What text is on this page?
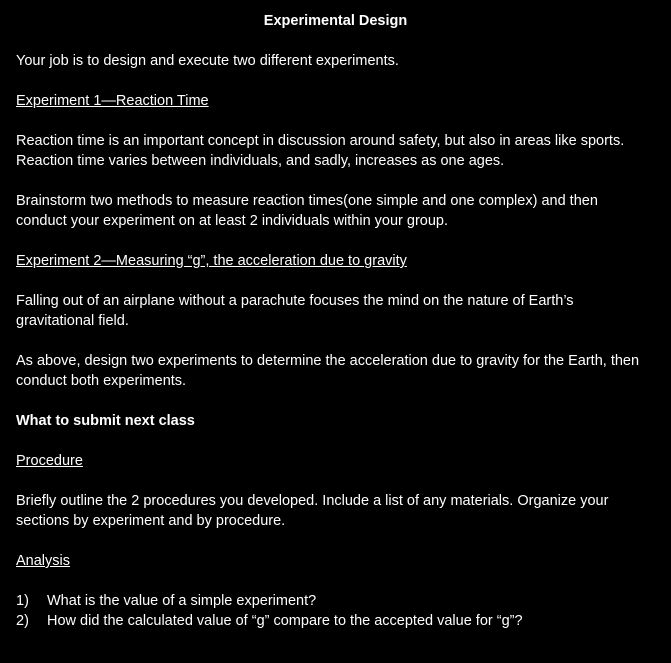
Experimental Design

Your job is to design and execute two different experiments.

Experiment 1—Reaction Time

Reaction time is an important concept in discussion around safety, but also in areas like sports.
Reaction time varies between individuals, and sadly, increases as one ages.

Brainstorm two methods to measure reaction times(one simple and one complex) and then
conduct your experiment on at least 2 individuals within your group.

Experiment 2—Measuring “g”, the acceleration due to gravity

Falling out of an airplane without a parachute focuses the mind on the nature of Earth’s
gravitational field.

As above, design two experiments to determine the acceleration due to gravity for the Earth, then
conduct both experiments.

What to submit next class

Procedure

Briefly outline the 2 procedures you developed. Include a list of any materials. Organize your
sections by experiment and by procedure.

Analysis

1)	What is the value of a simple experiment?
2)	How did the calculated value of “g” compare to the accepted value for “g”?
